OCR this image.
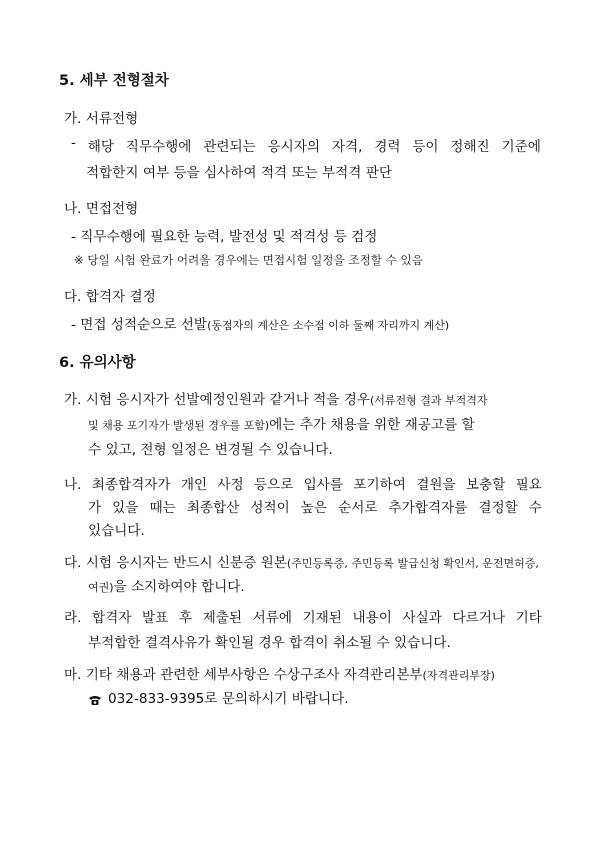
5. 세부 전형절차
가. 서류전형
- 해당 직무수행에 관련되는 응시자의 자격, 경력 등이 정해진 기준에
적합한지 여부 등을 심사하여 적격 또는 부적격 판단
나. 면접전형
- 직무수행에 필요한 능력, 발전성 및 적격성 등 검정
※ 당일 시험 완료가 어려울 경우에는 면접시험 일정을 조정할 수 있음
다. 합격자 결정
- 면접 성적순으로 선발(동점자의 계산은 소수점 이하 둘째 자리까지 계산)
6. 유의사항
가. 시험 응시자가 선발예정인원과 같거나 적을 경우(서류전형 결과 부적격자
및 채용 포기자가 발생된 경우를 포함)에는 추가 채용을 위한 재공고를 할
수 있고, 전형 일정은 변경될 수 있습니다.
나. 최종합격자가 개인 사정 등으로 입사를 포기하여 결원을 보충할 필요
가 있을 때는 최종합산 성적이 높은 순서로 추가합격자를 결정할 수
있습니다.
다. 시험 응시자는 반드시 신분증 원본(주민등록증, 주민등록 발급신청 확인서, 운전면허증,
여권)을 소지하여야 합니다.
라. 합격자 발표 후 제출된 서류에 기재된 내용이 사실과 다르거나 기타
부적합한 결격사유가 확인될 경우 합격이 취소될 수 있습니다.
마. 기타 채용과 관련한 세부사항은 수상구조사 자격관리본부(자격관리부장)
032-833-9395로 문의하시기 바랍니다.
